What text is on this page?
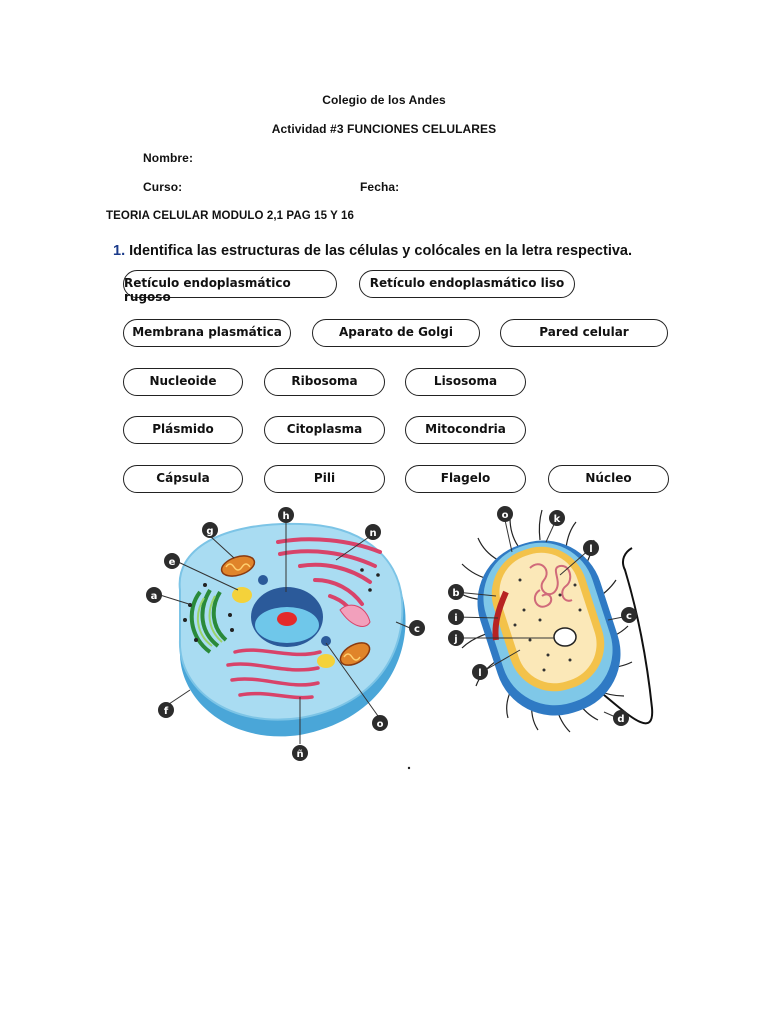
Colegio de los Andes
Actividad #3 FUNCIONES CELULARES
Nombre:
Curso:	Fecha:
TEORIA CELULAR MODULO 2,1 PAG 15 Y 16
1. Identifica las estructuras de las células y colócales en la letra respectiva.
Retículo endoplasmático rugoso
Retículo endoplasmático liso
Membrana plasmática	Aparato de Golgi	Pared celular
Nucleoide	Ribosoma	Lisosoma
Plásmido	Citoplasma	Mitocondria
Cápsula	Pili	Flagelo	Núcleo
g
e
a
h
n
c
o
ñ
f
o	k
l
c
b
i
j
l
d
